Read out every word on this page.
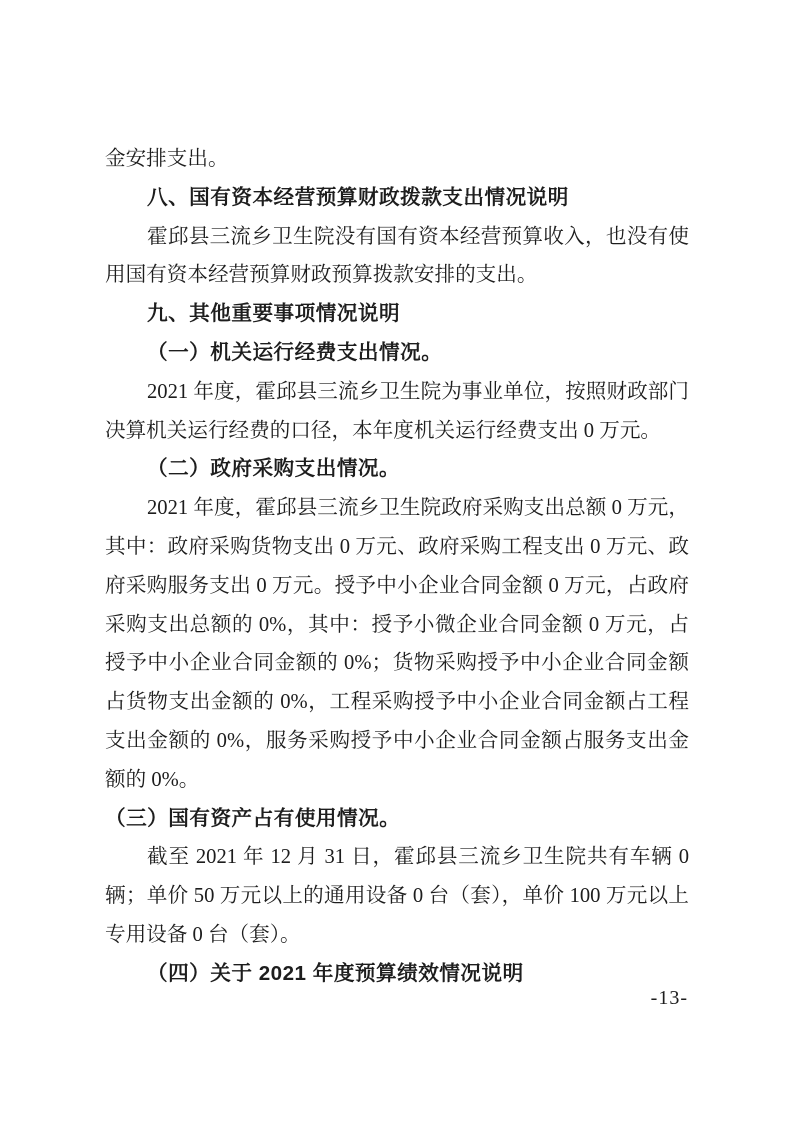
金安排支出。

八、国有资本经营预算财政拨款支出情况说明

霍邱县三流乡卫生院没有国有资本经营预算收入，也没有使用国有资本经营预算财政预算拨款安排的支出。

九、其他重要事项情况说明
（一）机关运行经费支出情况。

2021 年度，霍邱县三流乡卫生院为事业单位，按照财政部门决算机关运行经费的口径，本年度机关运行经费支出 0 万元。

（二）政府采购支出情况。

2021 年度，霍邱县三流乡卫生院政府采购支出总额 0 万元，其中：政府采购货物支出 0 万元、政府采购工程支出 0 万元、政府采购服务支出 0 万元。授予中小企业合同金额 0 万元，占政府采购支出总额的 0%，其中：授予小微企业合同金额 0 万元，占授予中小企业合同金额的 0%；货物采购授予中小企业合同金额占货物支出金额的 0%，工程采购授予中小企业合同金额占工程支出金额的 0%，服务采购授予中小企业合同金额占服务支出金额的 0%。

（三）国有资产占有使用情况。

截至 2021 年 12 月 31 日，霍邱县三流乡卫生院共有车辆 0 辆；单价 50 万元以上的通用设备 0 台（套），单价 100 万元以上专用设备 0 台（套）。

（四）关于 2021 年度预算绩效情况说明
-13-
